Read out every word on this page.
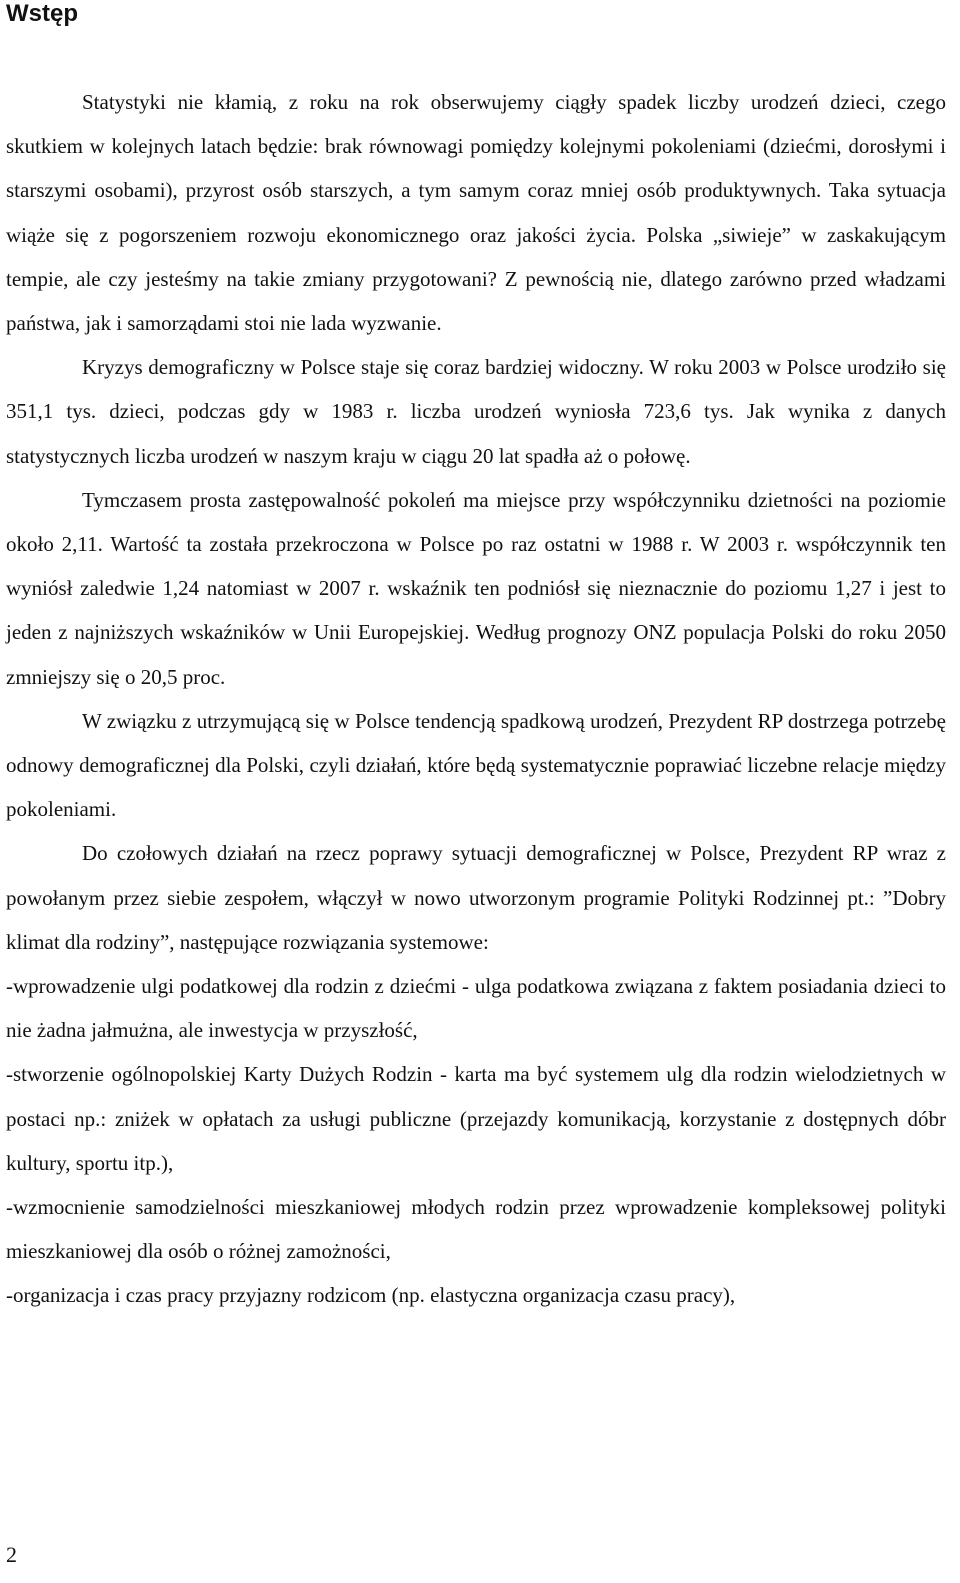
Wstęp

Statystyki nie kłamią, z roku na rok obserwujemy ciągły spadek liczby urodzeń dzieci, czego skutkiem w kolejnych latach będzie: brak równowagi pomiędzy kolejnymi pokoleniami (dziećmi, dorosłymi i starszymi osobami), przyrost osób starszych, a tym samym coraz mniej osób produktywnych. Taka sytuacja wiąże się z pogorszeniem rozwoju ekonomicznego oraz jakości życia. Polska „siwieje” w zaskakującym tempie, ale czy jesteśmy na takie zmiany przygotowani? Z pewnością nie, dlatego zarówno przed władzami państwa, jak i samorządami stoi nie lada wyzwanie.

Kryzys demograficzny w Polsce staje się coraz bardziej widoczny. W roku 2003 w Polsce urodziło się 351,1 tys. dzieci, podczas gdy w 1983 r. liczba urodzeń wyniosła 723,6 tys. Jak wynika z danych statystycznych liczba urodzeń w naszym kraju w ciągu 20 lat spadła aż o połowę.

Tymczasem prosta zastępowalność pokoleń ma miejsce przy współczynniku dzietności na poziomie około 2,11. Wartość ta została przekroczona w Polsce po raz ostatni w 1988 r. W 2003 r. współczynnik ten wyniósł zaledwie 1,24 natomiast w 2007 r. wskaźnik ten podniósł się nieznacznie do poziomu 1,27 i jest to jeden z najniższych wskaźników w Unii Europejskiej. Według prognozy ONZ populacja Polski do roku 2050 zmniejszy się o 20,5 proc.

W związku z utrzymującą się w Polsce tendencją spadkową urodzeń, Prezydent RP dostrzega potrzebę odnowy demograficznej dla Polski, czyli działań, które będą systematycznie poprawiać liczebne relacje między pokoleniami.

Do czołowych działań na rzecz poprawy sytuacji demograficznej w Polsce, Prezydent RP wraz z powołanym przez siebie zespołem, włączył w nowo utworzonym programie Polityki Rodzinnej pt.: ”Dobry klimat dla rodziny”, następujące rozwiązania systemowe:

-wprowadzenie ulgi podatkowej dla rodzin z dziećmi - ulga podatkowa związana z faktem posiadania dzieci to nie żadna jałmużna, ale inwestycja w przyszłość,

-stworzenie ogólnopolskiej Karty Dużych Rodzin - karta ma być systemem ulg dla rodzin wielodzietnych w postaci np.: zniżek w opłatach za usługi publiczne (przejazdy komunikacją, korzystanie z dostępnych dóbr kultury, sportu itp.),

-wzmocnienie samodzielności mieszkaniowej młodych rodzin przez wprowadzenie kompleksowej polityki mieszkaniowej dla osób o różnej zamożności,

-organizacja i czas pracy przyjazny rodzicom (np. elastyczna organizacja czasu pracy),

2
